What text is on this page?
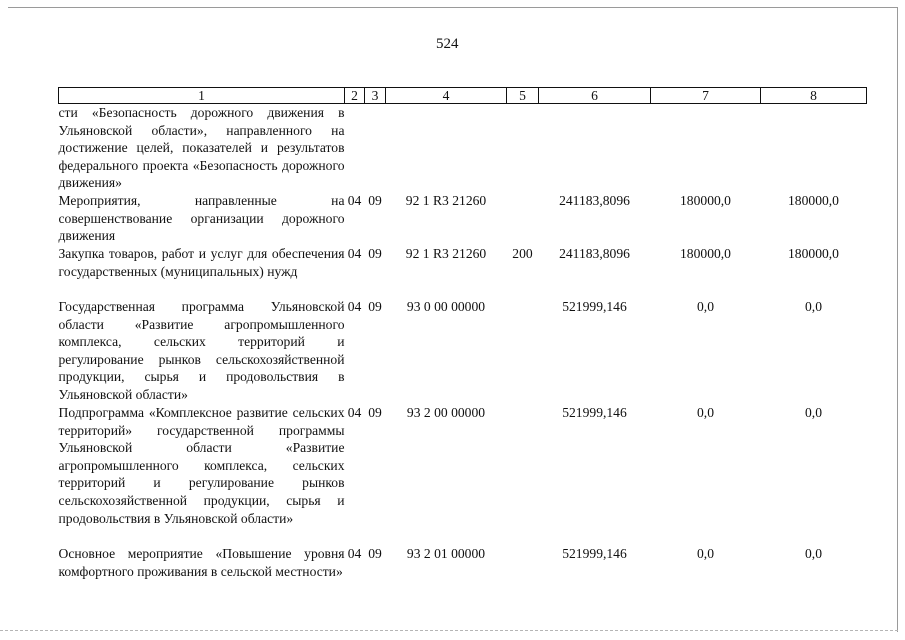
524
1	2	3	4	5	6	7	8
сти «Безопасность дорожного движения в Ульяновской области», направленного на достижение целей, показателей и результатов федерального проекта «Безопасность дорожного движения»							
Мероприятия, направленные на совершенствование организации дорожного движения	04	09	92 1 R3 21260		241183,8096	180000,0	180000,0
Закупка товаров, работ и услуг для обеспечения государственных (муниципальных) нужд	04	09	92 1 R3 21260	200	241183,8096	180000,0	180000,0
Государственная программа Ульяновской области «Развитие агропромышленного комплекса, сельских территорий и регулирование рынков сельскохозяйственной продукции, сырья и продовольствия в Ульяновской области»	04	09	93 0 00 00000		521999,146	0,0	0,0
Подпрограмма «Комплексное развитие сельских территорий» государственной программы Ульяновской области «Развитие агропромышленного комплекса, сельских территорий и регулирование рынков сельскохозяйственной продукции, сырья и продовольствия в Ульяновской области»	04	09	93 2 00 00000		521999,146	0,0	0,0
Основное мероприятие «Повышение уровня комфортного проживания в сельской местности»	04	09	93 2 01 00000		521999,146	0,0	0,0
